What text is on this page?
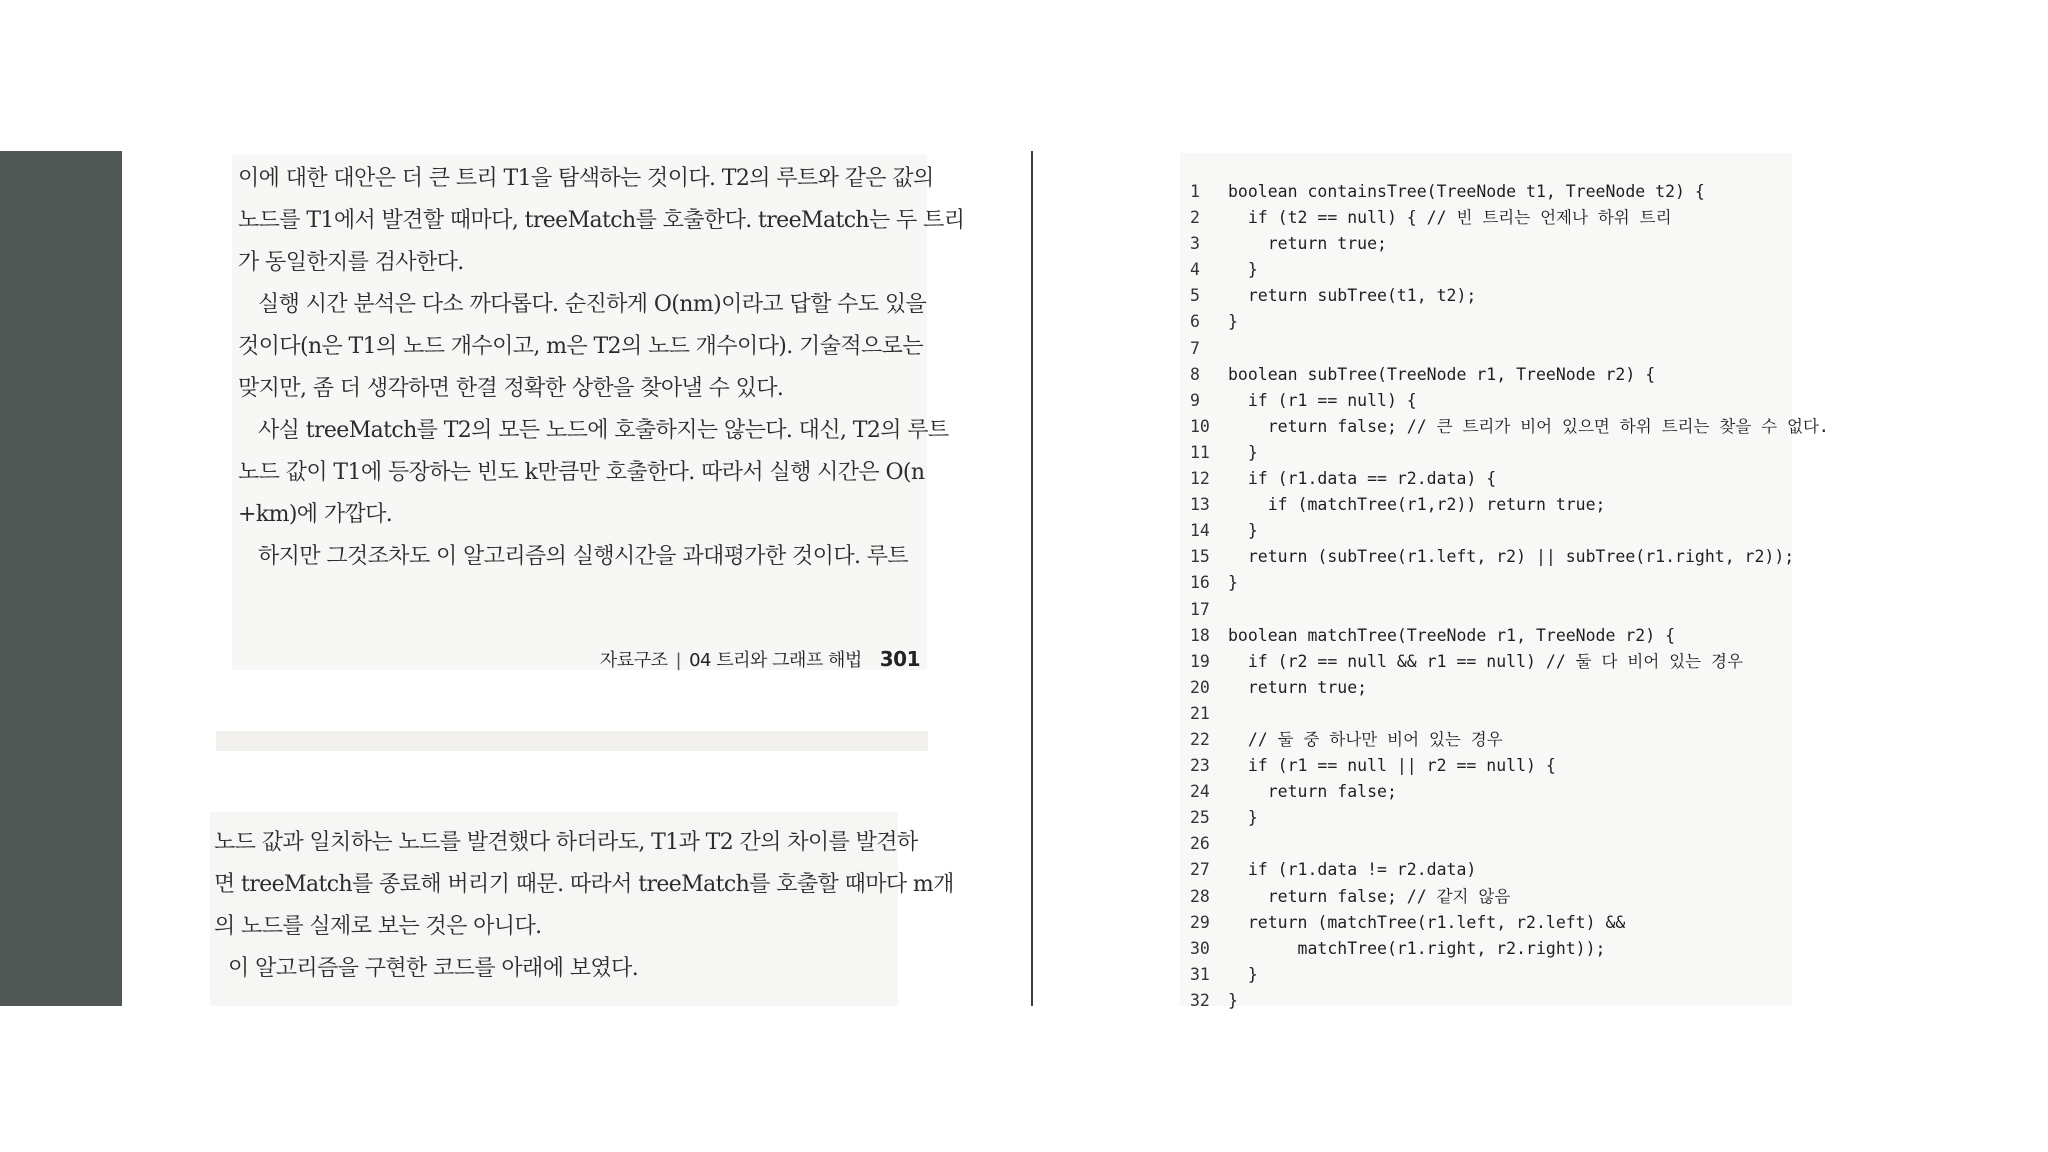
이에 대한 대안은 더 큰 트리 T1을 탐색하는 것이다. T2의 루트와 같은 값의

노드를 T1에서 발견할 때마다, treeMatch를 호출한다. treeMatch는 두 트리

가 동일한지를 검사한다.

실행 시간 분석은 다소 까다롭다. 순진하게 O(nm)이라고 답할 수도 있을

것이다(n은 T1의 노드 개수이고, m은 T2의 노드 개수이다). 기술적으로는

맞지만, 좀 더 생각하면 한결 정확한 상한을 찾아낼 수 있다.

사실 treeMatch를 T2의 모든 노드에 호출하지는 않는다. 대신, T2의 루트

노드 값이 T1에 등장하는 빈도 k만큼만 호출한다. 따라서 실행 시간은 O(n

+km)에 가깝다.

하지만 그것조차도 이 알고리즘의 실행시간을 과대평가한 것이다. 루트

자료구조 | 04 트리와 그래프 해법 301

노드 값과 일치하는 노드를 발견했다 하더라도, T1과 T2 간의 차이를 발견하

면 treeMatch를 종료해 버리기 때문. 따라서 treeMatch를 호출할 때마다 m개

의 노드를 실제로 보는 것은 아니다.

이 알고리즘을 구현한 코드를 아래에 보였다.

1 boolean containsTree(TreeNode t1, TreeNode t2) {
2  if (t2 == null) { // 빈 트리는 언제나 하위 트리
3    return true;
4  }
5  return subTree(t1, t2);
6 }
7
8 boolean subTree(TreeNode r1, TreeNode r2) {
9  if (r1 == null) {
10    return false; // 큰 트리가 비어 있으면 하위 트리는 찾을 수 없다.
11  }
12  if (r1.data == r2.data) {
13    if (matchTree(r1,r2)) return true;
14  }
15  return (subTree(r1.left, r2) || subTree(r1.right, r2));
16 }
17
18 boolean matchTree(TreeNode r1, TreeNode r2) {
19  if (r2 == null && r1 == null) // 둘 다 비어 있는 경우
20  return true;
21
22  // 둘 중 하나만 비어 있는 경우
23  if (r1 == null || r2 == null) {
24    return false;
25  }
26
27  if (r1.data != r2.data)
28    return false; // 같지 않음
29  return (matchTree(r1.left, r2.left) &&
30       matchTree(r1.right, r2.right));
31  }
32 }
